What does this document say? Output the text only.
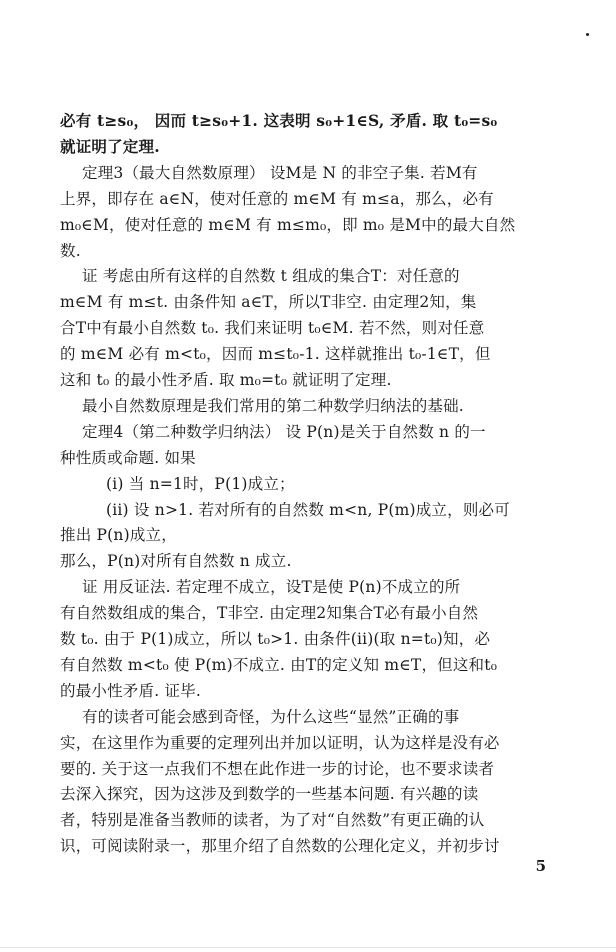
必有 t≥s₀， 因而 t≥s₀+1. 这表明 s₀+1∈S, 矛盾. 取 t₀=s₀
就证明了定理.
定理3（最大自然数原理） 设M是 N 的非空子集. 若M有
上界，即存在 a∈N，使对任意的 m∈M 有 m≤a，那么，必有
m₀∈M，使对任意的 m∈M 有 m≤m₀，即 m₀ 是M中的最大自然
数.
证 考虑由所有这样的自然数 t 组成的集合T：对任意的
m∈M 有 m≤t. 由条件知 a∈T，所以T非空. 由定理2知，集
合T中有最小自然数 t₀. 我们来证明 t₀∈M. 若不然，则对任意
的 m∈M 必有 m<t₀，因而 m≤t₀-1. 这样就推出 t₀-1∈T，但
这和 t₀ 的最小性矛盾. 取 m₀=t₀ 就证明了定理.
最小自然数原理是我们常用的第二种数学归纳法的基础.
定理4（第二种数学归纳法） 设 P(n)是关于自然数 n 的一
种性质或命题. 如果
(i) 当 n=1时，P(1)成立；
(ii) 设 n>1. 若对所有的自然数 m<n, P(m)成立，则必可
推出 P(n)成立，
那么，P(n)对所有自然数 n 成立.
证 用反证法. 若定理不成立，设T是使 P(n)不成立的所
有自然数组成的集合，T非空. 由定理2知集合T必有最小自然
数 t₀. 由于 P(1)成立，所以 t₀>1. 由条件(ii)(取 n=t₀)知，必
有自然数 m<t₀ 使 P(m)不成立. 由T的定义知 m∈T，但这和t₀
的最小性矛盾. 证毕.
有的读者可能会感到奇怪，为什么这些“显然”正确的事
实，在这里作为重要的定理列出并加以证明，认为这样是没有必
要的. 关于这一点我们不想在此作进一步的讨论，也不要求读者
去深入探究，因为这涉及到数学的一些基本问题. 有兴趣的读
者，特别是准备当教师的读者，为了对“自然数”有更正确的认
识，可阅读附录一，那里介绍了自然数的公理化定义，并初步讨
5
